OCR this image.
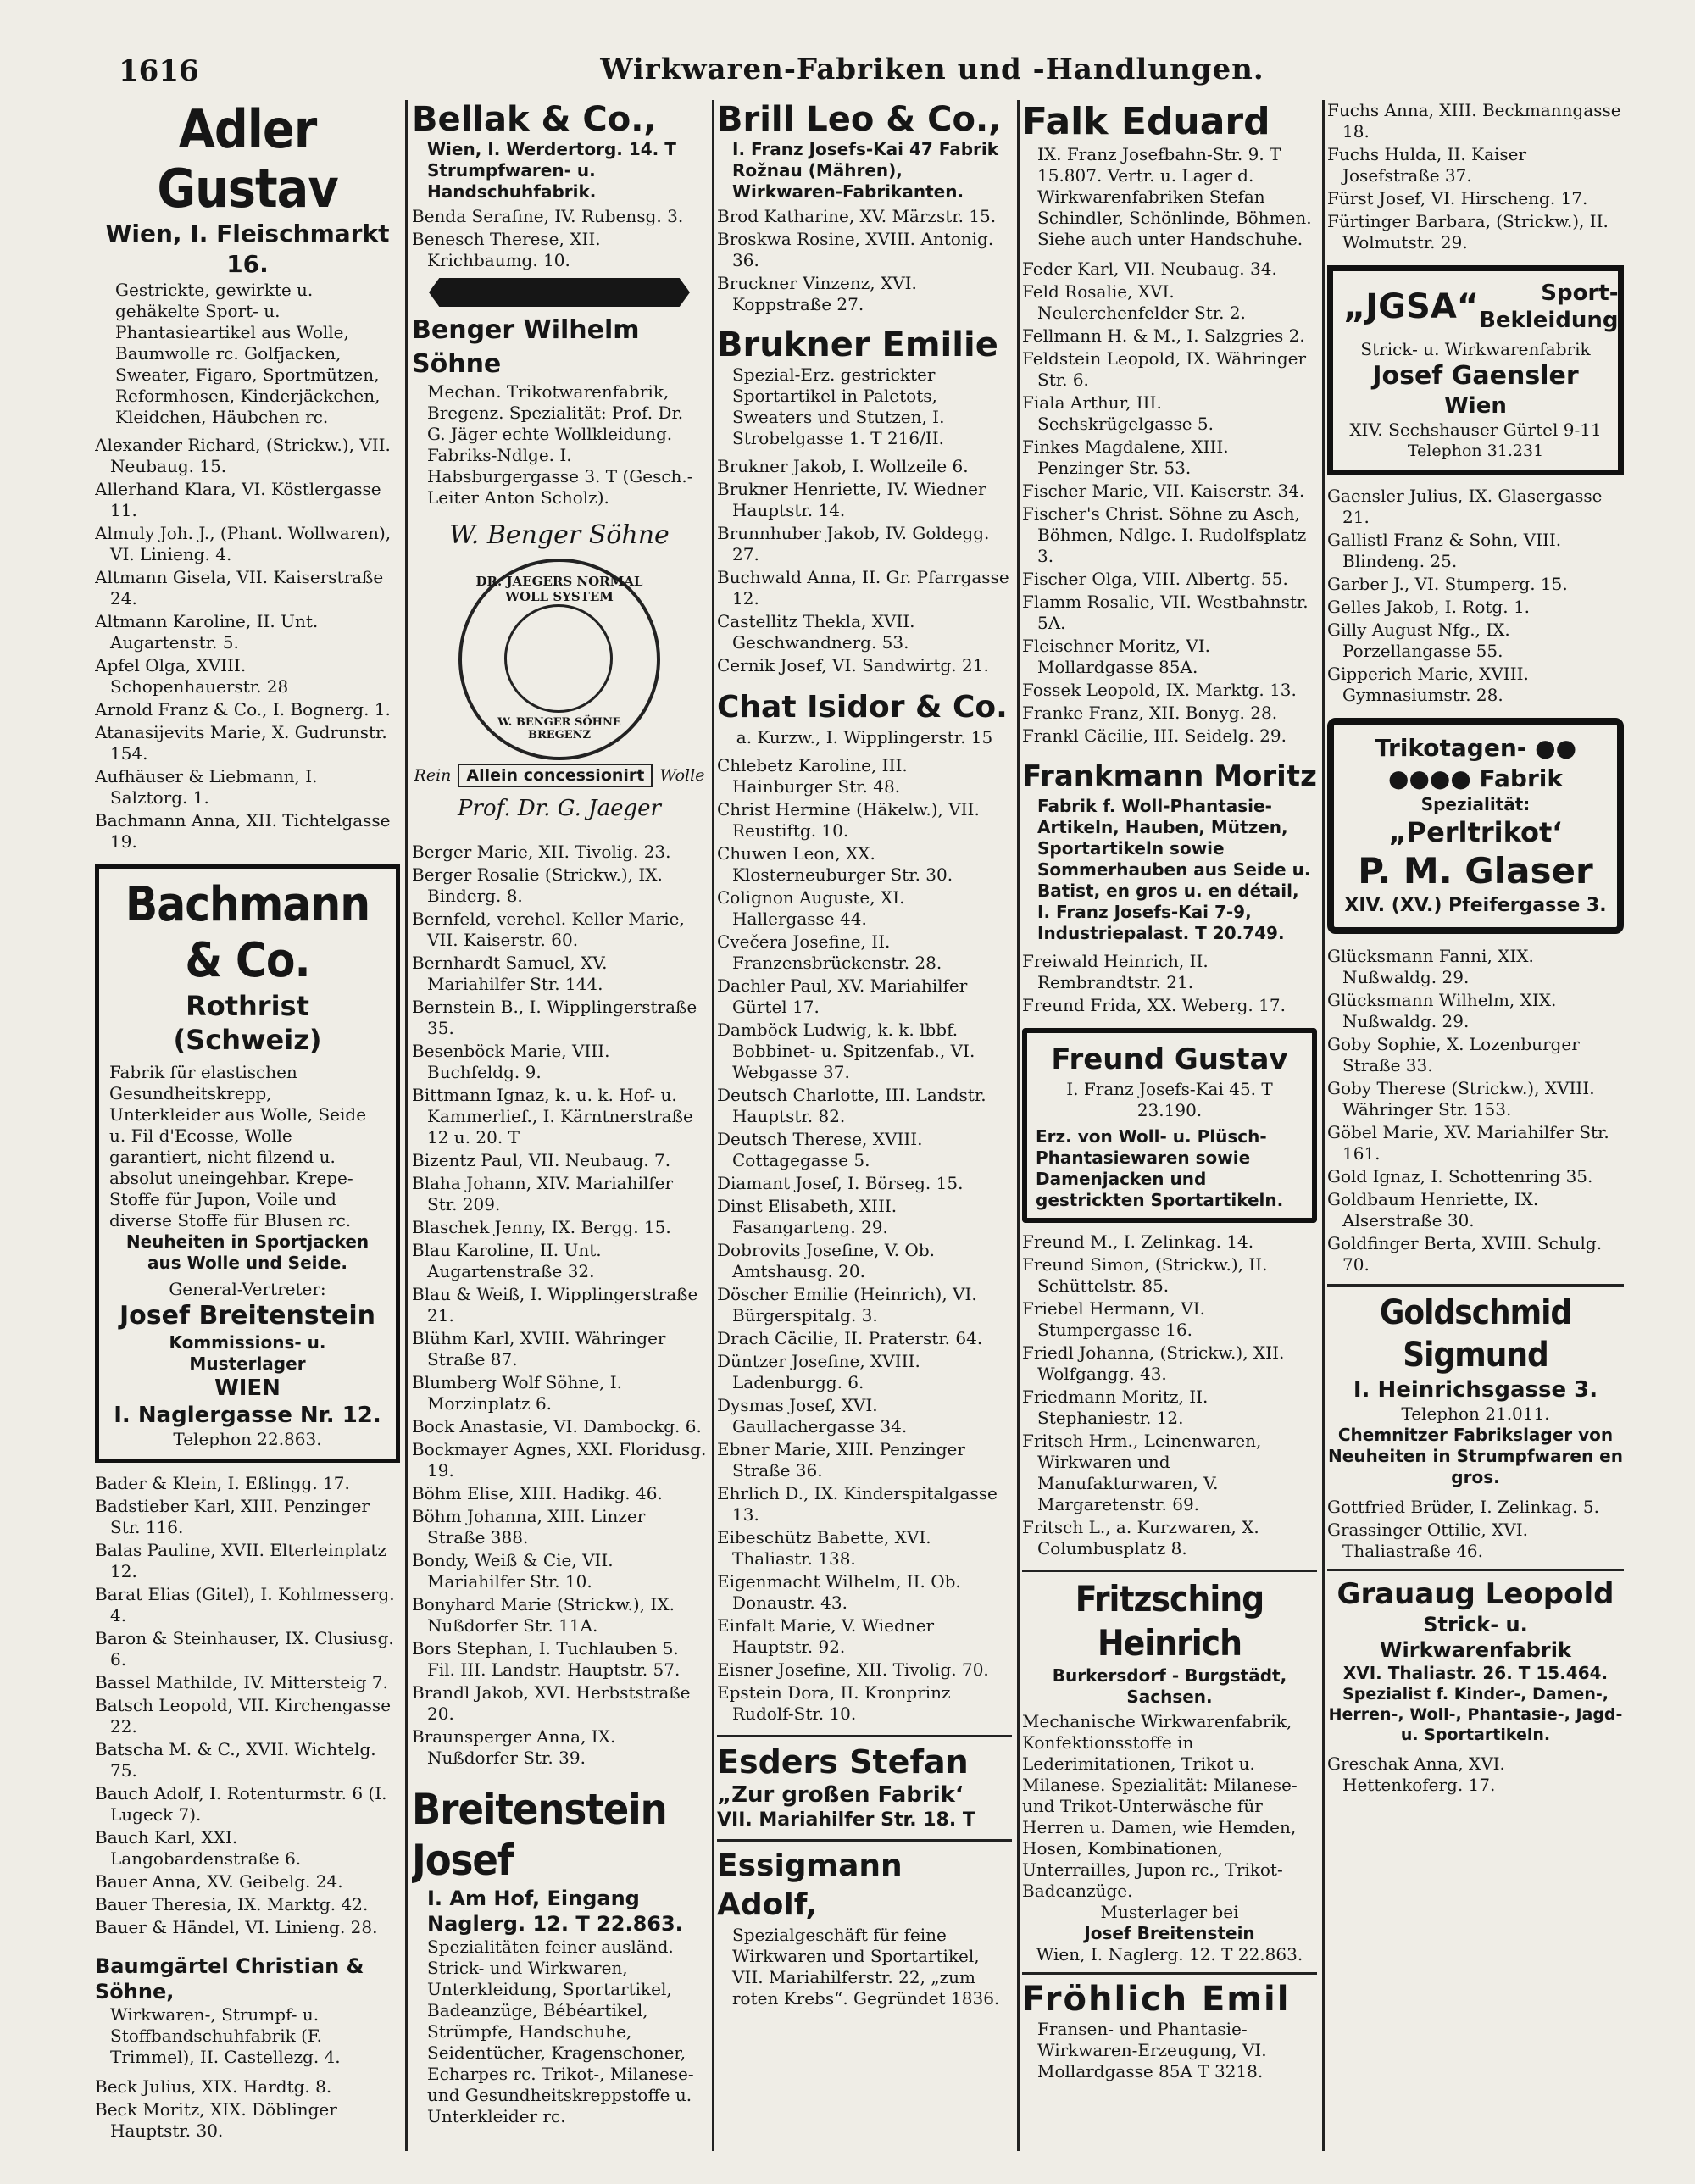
1616	Wirkwaren-Fabriken und -Handlungen.
Adler Gustav
Wien, I. Fleischmarkt 16.
Gestrickte, gewirkte u. gehäkelte Sport- u. Phantasieartikel aus Wolle, Baumwolle rc. Golfjacken, Sweater, Figaro, Sportmützen, Reformhosen, Kinderjäckchen, Kleidchen, Häubchen rc.
Alexander Richard, (Strickw.), VII. Neubaug. 15.
Allerhand Klara, VI. Köstlergasse 11.
Almuly Joh. J., (Phant. Wollwaren), VI. Linieng. 4.
Altmann Gisela, VII. Kaiserstraße 24.
Altmann Karoline, II. Unt. Augartenstr. 5.
Apfel Olga, XVIII. Schopenhauerstr. 28
Arnold Franz & Co., I. Bognerg. 1.
Atanasijevits Marie, X. Gudrunstr. 154.
Aufhäuser & Liebmann, I. Salztorg. 1.
Bachmann Anna, XII. Tichtelgasse 19.
Bachmann & Co.
Rothrist (Schweiz)
Fabrik für elastischen Gesundheitskrepp, Unterkleider aus Wolle, Seide u. Fil d'Ecosse, Wolle garantiert, nicht filzend u. absolut uneingehbar. Krepe-Stoffe für Jupon, Voile und diverse Stoffe für Blusen rc.
Neuheiten in Sportjacken aus Wolle und Seide.
General-Vertreter:
Josef Breitenstein
Kommissions- u. Musterlager
WIEN
I. Naglergasse Nr. 12.
Telephon 22.863.
Bader & Klein, I. Eßlingg. 17.
Badstieber Karl, XIII. Penzinger Str. 116.
Balas Pauline, XVII. Elterleinplatz 12.
Barat Elias (Gitel), I. Kohlmesserg. 4.
Baron & Steinhauser, IX. Clusiusg. 6.
Bassel Mathilde, IV. Mittersteig 7.
Batsch Leopold, VII. Kirchengasse 22.
Batscha M. & C., XVII. Wichtelg. 75.
Bauch Adolf, I. Rotenturmstr. 6 (I. Lugeck 7).
Bauch Karl, XXI. Langobardenstraße 6.
Bauer Anna, XV. Geibelg. 24.
Bauer Theresia, IX. Marktg. 42.
Bauer & Händel, VI. Linieng. 28.
Baumgärtel Christian & Söhne,
Wirkwaren-, Strumpf- u. Stoffbandschuhfabrik (F. Trimmel), II. Castellezg. 4.
Beck Julius, XIX. Hardtg. 8.
Beck Moritz, XIX. Döblinger Hauptstr. 30.
Bellak & Co.,
Wien, I. Werdertorg. 14. T Strumpfwaren- u. Handschuhfabrik.
Benda Serafine, IV. Rubensg. 3.
Benesch Therese, XII. Krichbaumg. 10.
Benger Wilhelm Söhne
Mechan. Trikotwarenfabrik, Bregenz. Spezialität: Prof. Dr. G. Jäger echte Wollkleidung. Fabriks-Ndlge. I. Habsburgergasse 3. T (Gesch.-Leiter Anton Scholz).
W. Benger Söhne
DR. JAEGERS NORMAL WOLL SYSTEM
W. BENGER SÖHNE BREGENZ
Rein Allein concessionirt Wolle
Prof. Dr. G. Jaeger
Berger Marie, XII. Tivolig. 23.
Berger Rosalie (Strickw.), IX. Binderg. 8.
Bernfeld, verehel. Keller Marie, VII. Kaiserstr. 60.
Bernhardt Samuel, XV. Mariahilfer Str. 144.
Bernstein B., I. Wipplingerstraße 35.
Besenböck Marie, VIII. Buchfeldg. 9.
Bittmann Ignaz, k. u. k. Hof- u. Kammerlief., I. Kärntnerstraße 12 u. 20. T
Bizentz Paul, VII. Neubaug. 7.
Blaha Johann, XIV. Mariahilfer Str. 209.
Blaschek Jenny, IX. Bergg. 15.
Blau Karoline, II. Unt. Augartenstraße 32.
Blau & Weiß, I. Wipplingerstraße 21.
Blühm Karl, XVIII. Währinger Straße 87.
Blumberg Wolf Söhne, I. Morzinplatz 6.
Bock Anastasie, VI. Dambockg. 6.
Bockmayer Agnes, XXI. Floridusg. 19.
Böhm Elise, XIII. Hadikg. 46.
Böhm Johanna, XIII. Linzer Straße 388.
Bondy, Weiß & Cie, VII. Mariahilfer Str. 10.
Bonyhard Marie (Strickw.), IX. Nußdorfer Str. 11A.
Bors Stephan, I. Tuchlauben 5. Fil. III. Landstr. Hauptstr. 57.
Brandl Jakob, XVI. Herbststraße 20.
Braunsperger Anna, IX. Nußdorfer Str. 39.
Breitenstein Josef
I. Am Hof, Eingang Naglerg. 12. T 22.863.
Spezialitäten feiner ausländ. Strick- und Wirkwaren, Unterkleidung, Sportartikel, Badeanzüge, Bébéartikel, Strümpfe, Handschuhe, Seidentücher, Kragenschoner, Echarpes rc. Trikot-, Milanese- und Gesundheitskreppstoffe u. Unterkleider rc.
Brill Leo & Co.,
I. Franz Josefs-Kai 47 Fabrik Rožnau (Mähren), Wirkwaren-Fabrikanten.
Brod Katharine, XV. Märzstr. 15.
Broskwa Rosine, XVIII. Antonig. 36.
Bruckner Vinzenz, XVI. Koppstraße 27.
Brukner Emilie
Spezial-Erz. gestrickter Sportartikel in Paletots, Sweaters und Stutzen, I. Strobelgasse 1. T 216/II.
Brukner Jakob, I. Wollzeile 6.
Brukner Henriette, IV. Wiedner Hauptstr. 14.
Brunnhuber Jakob, IV. Goldegg. 27.
Buchwald Anna, II. Gr. Pfarrgasse 12.
Castellitz Thekla, XVII. Geschwandnerg. 53.
Cernik Josef, VI. Sandwirtg. 21.
Chat Isidor & Co.
a. Kurzw., I. Wipplingerstr. 15
Chlebetz Karoline, III. Hainburger Str. 48.
Christ Hermine (Häkelw.), VII. Reustiftg. 10.
Chuwen Leon, XX. Klosterneuburger Str. 30.
Colignon Auguste, XI. Hallergasse 44.
Cvečera Josefine, II. Franzensbrückenstr. 28.
Dachler Paul, XV. Mariahilfer Gürtel 17.
Damböck Ludwig, k. k. lbbf. Bobbinet- u. Spitzenfab., VI. Webgasse 37.
Deutsch Charlotte, III. Landstr. Hauptstr. 82.
Deutsch Therese, XVIII. Cottagegasse 5.
Diamant Josef, I. Börseg. 15.
Dinst Elisabeth, XIII. Fasangarteng. 29.
Dobrovits Josefine, V. Ob. Amtshausg. 20.
Döscher Emilie (Heinrich), VI. Bürgerspitalg. 3.
Drach Cäcilie, II. Praterstr. 64.
Düntzer Josefine, XVIII. Ladenburgg. 6.
Dysmas Josef, XVI. Gaullachergasse 34.
Ebner Marie, XIII. Penzinger Straße 36.
Ehrlich D., IX. Kinderspitalgasse 13.
Eibeschütz Babette, XVI. Thaliastr. 138.
Eigenmacht Wilhelm, II. Ob. Donaustr. 43.
Einfalt Marie, V. Wiedner Hauptstr. 92.
Eisner Josefine, XII. Tivolig. 70.
Epstein Dora, II. Kronprinz Rudolf-Str. 10.
Esders Stefan
„Zur großen Fabrik‘
VII. Mariahilfer Str. 18. T
Essigmann Adolf,
Spezialgeschäft für feine Wirkwaren und Sportartikel, VII. Mariahilferstr. 22, „zum roten Krebs“. Gegründet 1836.
Falk Eduard
IX. Franz Josefbahn-Str. 9. T 15.807. Vertr. u. Lager d. Wirkwarenfabriken Stefan Schindler, Schönlinde, Böhmen. Siehe auch unter Handschuhe.
Feder Karl, VII. Neubaug. 34.
Feld Rosalie, XVI. Neulerchenfelder Str. 2.
Fellmann H. & M., I. Salzgries 2.
Feldstein Leopold, IX. Währinger Str. 6.
Fiala Arthur, III. Sechskrügelgasse 5.
Finkes Magdalene, XIII. Penzinger Str. 53.
Fischer Marie, VII. Kaiserstr. 34.
Fischer's Christ. Söhne zu Asch, Böhmen, Ndlge. I. Rudolfsplatz 3.
Fischer Olga, VIII. Albertg. 55.
Flamm Rosalie, VII. Westbahnstr. 5A.
Fleischner Moritz, VI. Mollardgasse 85A.
Fossek Leopold, IX. Marktg. 13.
Franke Franz, XII. Bonyg. 28.
Frankl Cäcilie, III. Seidelg. 29.
Frankmann Moritz
Fabrik f. Woll-Phantasie-Artikeln, Hauben, Mützen, Sportartikeln sowie Sommerhauben aus Seide u. Batist, en gros u. en détail, I. Franz Josefs-Kai 7-9, Industriepalast. T 20.749.
Freiwald Heinrich, II. Rembrandtstr. 21.
Freund Frida, XX. Weberg. 17.
Freund Gustav
I. Franz Josefs-Kai 45. T 23.190.
Erz. von Woll- u. Plüsch-Phantasiewaren sowie Damenjacken und gestrickten Sportartikeln.
Freund M., I. Zelinkag. 14.
Freund Simon, (Strickw.), II. Schüttelstr. 85.
Friebel Hermann, VI. Stumpergasse 16.
Friedl Johanna, (Strickw.), XII. Wolfgangg. 43.
Friedmann Moritz, II. Stephaniestr. 12.
Fritsch Hrm., Leinenwaren, Wirkwaren und Manufakturwaren, V. Margaretenstr. 69.
Fritsch L., a. Kurzwaren, X. Columbusplatz 8.
Fritzsching Heinrich
Burkersdorf - Burgstädt, Sachsen.
Mechanische Wirkwarenfabrik, Konfektionsstoffe in Lederimitationen, Trikot u. Milanese. Spezialität: Milanese- und Trikot-Unterwäsche für Herren u. Damen, wie Hemden, Hosen, Kombinationen, Unterrailles, Jupon rc., Trikot-Badeanzüge.
Musterlager bei
Josef Breitenstein
Wien, I. Naglerg. 12. T 22.863.
Fröhlich Emil
Fransen- und Phantasie-Wirkwaren-Erzeugung, VI. Mollardgasse 85A T 3218.
Fuchs Anna, XIII. Beckmanngasse 18.
Fuchs Hulda, II. Kaiser Josefstraße 37.
Fürst Josef, VI. Hirscheng. 17.
Fürtinger Barbara, (Strickw.), II. Wolmutstr. 29.
„JGSA“	Sport-
Bekleidung
Strick- u. Wirkwarenfabrik
Josef Gaensler
Wien
XIV. Sechshauser Gürtel 9-11
Telephon 31.231
Gaensler Julius, IX. Glasergasse 21.
Gallistl Franz & Sohn, VIII. Blindeng. 25.
Garber J., VI. Stumperg. 15.
Gelles Jakob, I. Rotg. 1.
Gilly August Nfg., IX. Porzellangasse 55.
Gipperich Marie, XVIII. Gymnasiumstr. 28.
Trikotagen- ●●
●●●● Fabrik
Spezialität:
„Perltrikot‘
P. M. Glaser
XIV. (XV.) Pfeifergasse 3.
Glücksmann Fanni, XIX. Nußwaldg. 29.
Glücksmann Wilhelm, XIX. Nußwaldg. 29.
Goby Sophie, X. Lozenburger Straße 33.
Goby Therese (Strickw.), XVIII. Währinger Str. 153.
Göbel Marie, XV. Mariahilfer Str. 161.
Gold Ignaz, I. Schottenring 35.
Goldbaum Henriette, IX. Alserstraße 30.
Goldfinger Berta, XVIII. Schulg. 70.
Goldschmid Sigmund
I. Heinrichsgasse 3.
Telephon 21.011.
Chemnitzer Fabrikslager von Neuheiten in Strumpfwaren en gros.
Gottfried Brüder, I. Zelinkag. 5.
Grassinger Ottilie, XVI. Thaliastraße 46.
Grauaug Leopold
Strick- u. Wirkwarenfabrik
XVI. Thaliastr. 26. T 15.464.
Spezialist f. Kinder-, Damen-, Herren-, Woll-, Phantasie-, Jagd- u. Sportartikeln.
Greschak Anna, XVI. Hettenkoferg. 17.
